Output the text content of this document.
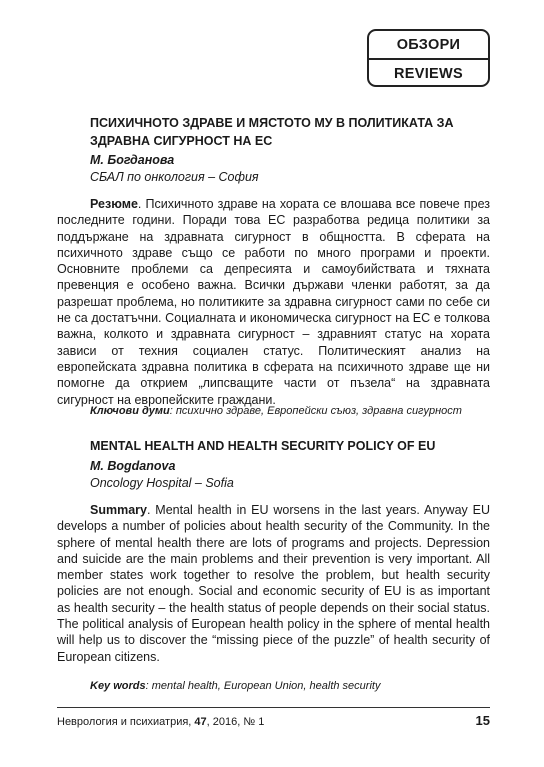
ОБЗОРИ
REVIEWS
ПСИХИЧНОТО ЗДРАВЕ И МЯСТОТО МУ В ПОЛИТИКАТА ЗА ЗДРАВНА СИГУРНОСТ НА ЕС

М. Богданова

СБАЛ по онкология – София

Резюме. Психичното здраве на хората се влошава все повече през последните години. Поради това ЕС разработва редица политики за поддържане на здравната сигурност в общността. В сферата на психичното здраве също се работи по много програми и проекти. Основните проблеми са депресията и самоубийствата и тяхната превенция е особено важна. Всички държави членки работят, за да разрешат проблема, но политиките за здравна сигурност сами по себе си не са достатъчни. Социалната и икономическа сигурност на ЕС е толкова важна, колкото и здравната сигурност – здравният статус на хората зависи от техния социален статус. Политическият анализ на европейската здравна политика в сферата на психичното здраве ще ни помогне да открием „липсващите части от пъзела“ на здравната сигурност на европейските граждани.

Ключови думи: психично здраве, Европейски съюз, здравна сигурност

MENTAL HEALTH AND HEALTH SECURITY POLICY OF EU

M. Bogdanova

Oncology Hospital – Sofia

Summary. Mental health in EU worsens in the last years. Anyway EU develops a number of policies about health security of the Community. In the sphere of mental health there are lots of programs and projects. Depression and suicide are the main problems and their prevention is very important. All member states work together to resolve the problem, but health security policies are not enough. Social and economic security of EU is as important as health security – the health status of people depends on their social status. The political analysis of European health policy in the sphere of mental health will help us to discover the “missing piece of the puzzle” of health security of European citizens.

Key words: mental health, European Union, health security

Неврология и психиатрия, 47, 2016, № 1	15
